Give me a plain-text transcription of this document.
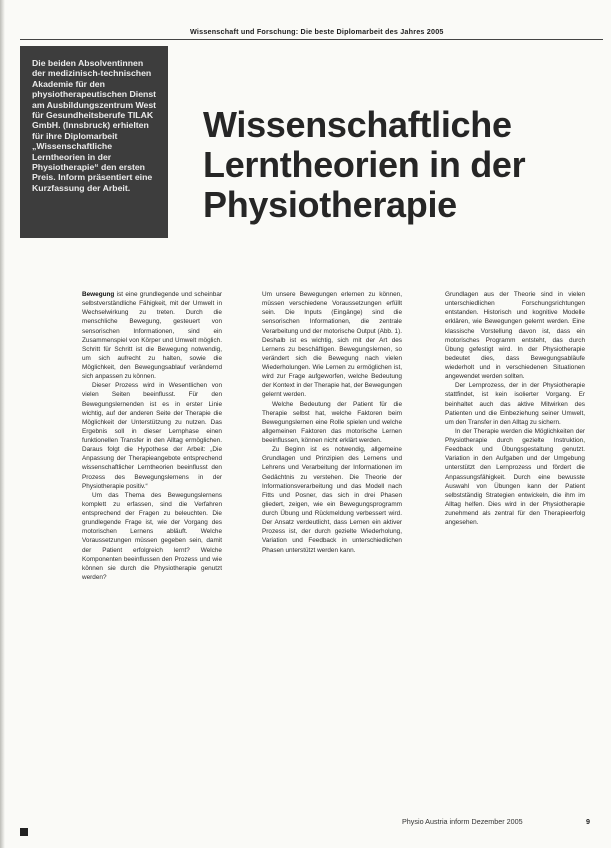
Wissenschaft und Forschung: Die beste Diplomarbeit des Jahres 2005

Die beiden Absolventinnen der medizinisch-technischen Akademie für den physiotherapeutischen Dienst am Ausbildungszentrum West für Gesundheitsberufe TILAK GmbH. (Innsbruck) erhielten für ihre Diplomarbeit „Wissenschaftliche Lerntheorien in der Physiotherapie“ den ersten Preis. Inform präsentiert eine Kurzfassung der Arbeit.

Wissenschaftliche
Lerntheorien in der
Physiotherapie

Bewegung ist eine grundlegende und scheinbar selbstverständliche Fähigkeit, mit der Umwelt in Wechselwirkung zu treten. Durch die menschliche Bewegung, gesteuert von sensorischen Informationen, sind ein Zusammenspiel von Körper und Umwelt möglich. Schritt für Schritt ist die Bewegung notwendig, um sich aufrecht zu halten, sowie die Möglichkeit, den Bewegungsablauf verändernd sich anpassen zu können.

Dieser Prozess wird in Wesentlichen von vielen Seiten beeinflusst. Für den Bewegungslernenden ist es in erster Linie wichtig, auf der anderen Seite der Therapie die Möglichkeit der Unterstützung zu nutzen. Das Ergebnis soll in dieser Lernphase einen funktionellen Transfer in den Alltag ermöglichen. Daraus folgt die Hypothese der Arbeit: „Die Anpassung der Therapieangebote entsprechend wissenschaftlicher Lerntheorien beeinflusst den Prozess des Bewegungslernens in der Physiotherapie positiv.“

Um das Thema des Bewegungslernens komplett zu erfassen, sind die Verfahren entsprechend der Fragen zu beleuchten. Die grundlegende Frage ist, wie der Vorgang des motorischen Lernens abläuft. Welche Voraussetzungen müssen gegeben sein, damit der Patient erfolgreich lernt? Welche Komponenten beeinflussen den Prozess und wie können sie durch die Physiotherapie genutzt werden?

Um unsere Bewegungen erlernen zu können, müssen verschiedene Voraussetzungen erfüllt sein. Die Inputs (Eingänge) sind die sensorischen Informationen, die zentrale Verarbeitung und der motorische Output (Abb. 1). Deshalb ist es wichtig, sich mit der Art des Lernens zu beschäftigen. Bewegungslernen, so verändert sich die Bewegung nach vielen Wiederholungen. Wie Lernen zu ermöglichen ist, wird zur Frage aufgeworfen, welche Bedeutung der Kontext in der Therapie hat, der Bewegungen gelernt werden.

Welche Bedeutung der Patient für die Therapie selbst hat, welche Faktoren beim Bewegungslernen eine Rolle spielen und welche allgemeinen Faktoren das motorische Lernen beeinflussen, können nicht erklärt werden.

Zu Beginn ist es notwendig, allgemeine Grundlagen und Prinzipien des Lernens und Lehrens und Verarbeitung der Informationen im Gedächtnis zu verstehen. Die Theorie der Informationsverarbeitung und das Modell nach Fitts und Posner, das sich in drei Phasen gliedert, zeigen, wie ein Bewegungsprogramm durch Übung und Rückmeldung verbessert wird. Der Ansatz verdeutlicht, dass Lernen ein aktiver Prozess ist, der durch gezielte Wiederholung, Variation und Feedback in unterschiedlichen Phasen unterstützt werden kann.

Grundlagen aus der Theorie sind in vielen unterschiedlichen Forschungsrichtungen entstanden. Historisch und kognitive Modelle erklären, wie Bewegungen gelernt werden. Eine klassische Vorstellung davon ist, dass ein motorisches Programm entsteht, das durch Übung gefestigt wird. In der Physiotherapie bedeutet dies, dass Bewegungsabläufe wiederholt und in verschiedenen Situationen angewendet werden sollten.

Der Lernprozess, der in der Physiotherapie stattfindet, ist kein isolierter Vorgang. Er beinhaltet auch das aktive Mitwirken des Patienten und die Einbeziehung seiner Umwelt, um den Transfer in den Alltag zu sichern.

In der Therapie werden die Möglichkeiten der Physiotherapie durch gezielte Instruktion, Feedback und Übungsgestaltung genutzt. Variation in den Aufgaben und der Umgebung unterstützt den Lernprozess und fördert die Anpassungsfähigkeit. Durch eine bewusste Auswahl von Übungen kann der Patient selbstständig Strategien entwickeln, die ihm im Alltag helfen. Dies wird in der Physiotherapie zunehmend als zentral für den Therapieerfolg angesehen.

Physio Austria inform Dezember 2005	9
